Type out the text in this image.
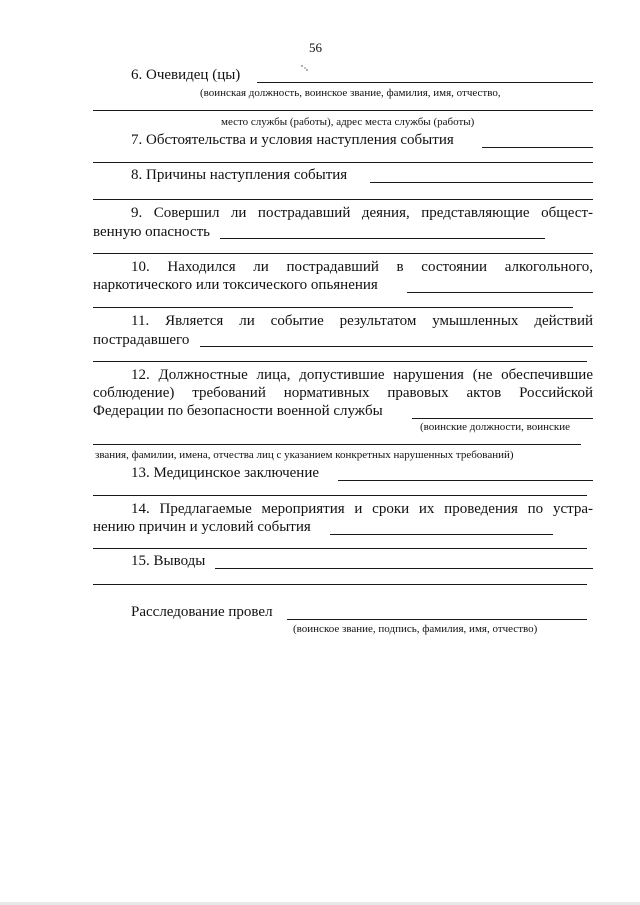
56
6. Очевидец (цы)
(воинская должность, воинское звание, фамилия, имя, отчество,
место службы (работы), адрес места службы (работы)
7. Обстоятельства и условия наступления события
8. Причины наступления события
9. Совершил ли пострадавший деяния, представляющие общест-
венную опасность
10. Находился ли пострадавший в состоянии алкогольного,
наркотического или токсического опьянения
11. Является ли событие результатом умышленных действий
пострадавшего
12. Должностные лица, допустившие нарушения (не обеспечившие
соблюдение) требований нормативных правовых актов Российской
Федерации по безопасности военной службы
(воинские должности, воинские
звания, фамилии, имена, отчества лиц с указанием конкретных нарушенных требований)
13. Медицинское заключение
14. Предлагаемые мероприятия и сроки их проведения по устра-
нению причин и условий события
15. Выводы
Расследование провел
(воинское звание, подпись, фамилия, имя, отчество)
